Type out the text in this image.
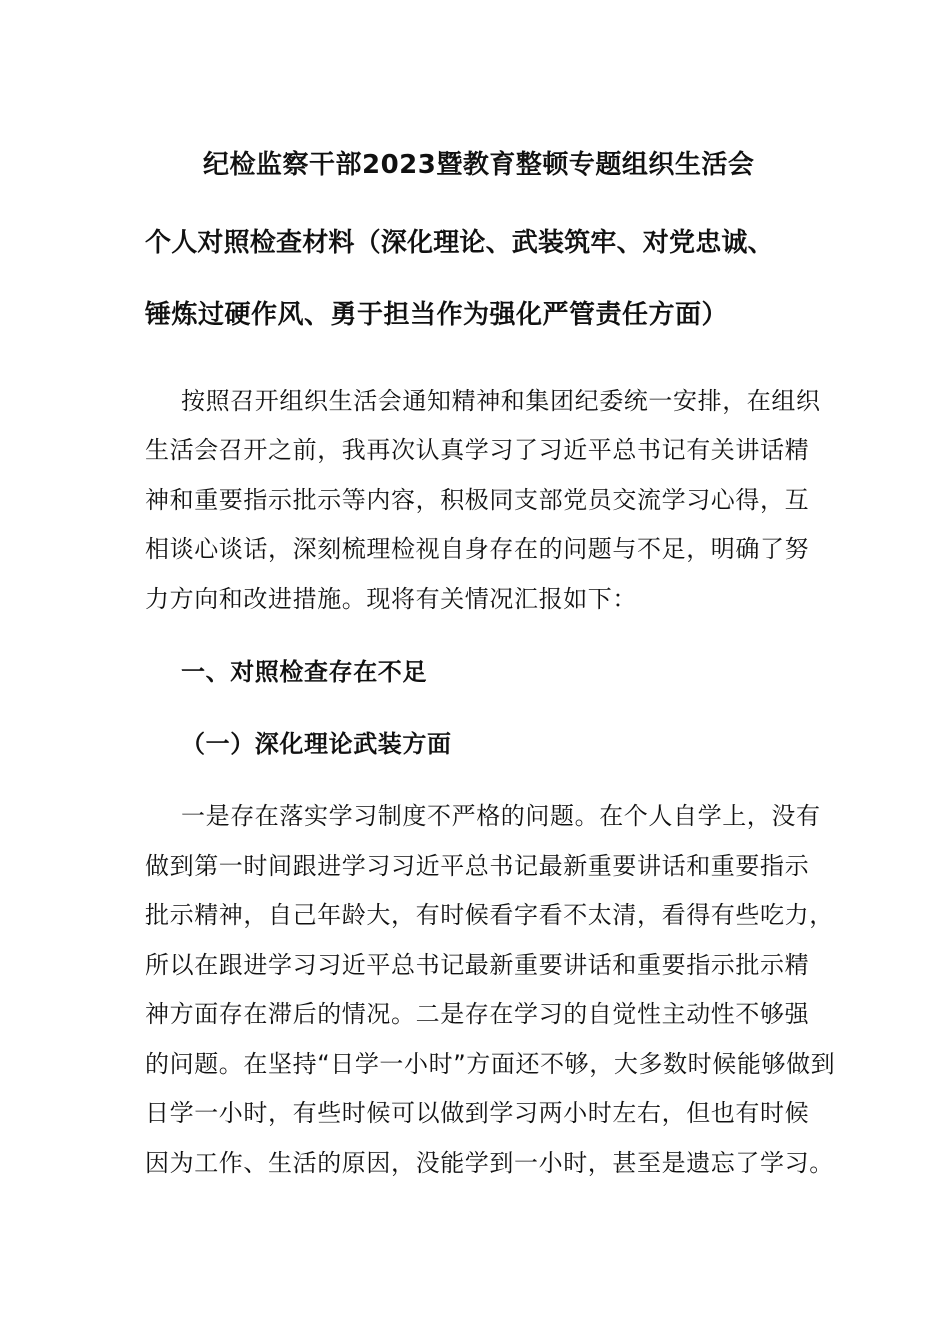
纪检监察干部2023暨教育整顿专题组织生活会
个人对照检查材料（深化理论、武装筑牢、对党忠诚、
锤炼过硬作风、勇于担当作为强化严管责任方面）
按照召开组织生活会通知精神和集团纪委统一安排，在组织
生活会召开之前，我再次认真学习了习近平总书记有关讲话精
神和重要指示批示等内容，积极同支部党员交流学习心得，互
相谈心谈话，深刻梳理检视自身存在的问题与不足，明确了努
力方向和改进措施。现将有关情况汇报如下：
一、对照检查存在不足
（一）深化理论武装方面
一是存在落实学习制度不严格的问题。在个人自学上，没有
做到第一时间跟进学习习近平总书记最新重要讲话和重要指示
批示精神，自己年龄大，有时候看字看不太清，看得有些吃力，
所以在跟进学习习近平总书记最新重要讲话和重要指示批示精
神方面存在滞后的情况。二是存在学习的自觉性主动性不够强
的问题。在坚持“日学一小时”方面还不够，大多数时候能够做到
日学一小时，有些时候可以做到学习两小时左右，但也有时候
因为工作、生活的原因，没能学到一小时，甚至是遗忘了学习。
